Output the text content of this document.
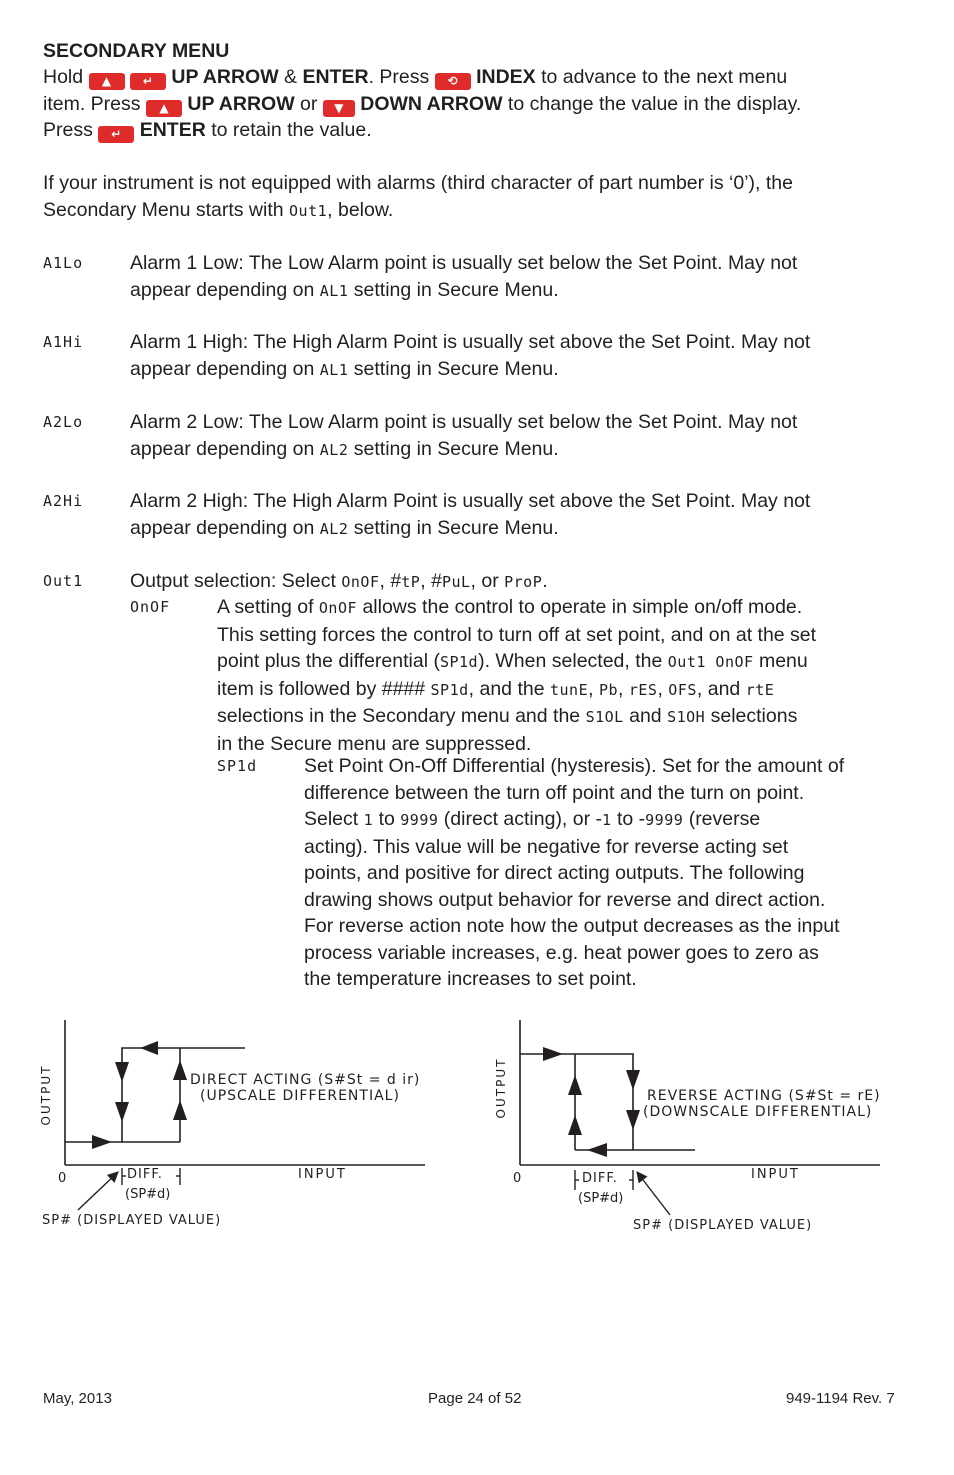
SECONDARY MENU
Hold ▲	↵ UP ARROW & ENTER. Press ⟲ INDEX to advance to the next menu
item. Press ▲ UP ARROW or ▼ DOWN ARROW to change the value in the display.
Press ↵ ENTER to retain the value.
If your instrument is not equipped with alarms (third character of part number is ‘0’), the
Secondary Menu starts with Out1, below.
A1Lo Alarm 1 Low: The Low Alarm point is usually set below the Set Point. May not
appear depending on AL1 setting in Secure Menu.
A1Hi Alarm 1 High: The High Alarm Point is usually set above the Set Point. May not
appear depending on AL1 setting in Secure Menu.
A2Lo Alarm 2 Low: The Low Alarm point is usually set below the Set Point. May not
appear depending on AL2 setting in Secure Menu.
A2Hi Alarm 2 High: The High Alarm Point is usually set above the Set Point. May not
appear depending on AL2 setting in Secure Menu.
Out1 Output selection: Select OnOF, #tP, #PuL, or ProP.
OnOF A setting of OnOF allows the control to operate in simple on/off mode.
This setting forces the control to turn off at set point, and on at the set
point plus the differential (SP1d). When selected, the Out1 OnOF menu
item is followed by #### SP1d, and the tunE, Pb, rES, OFS, and rtE
selections in the Secondary menu and the S1OL and S1OH selections
in the Secure menu are suppressed.
SP1d Set Point On-Off Differential (hysteresis). Set for the amount of
difference between the turn off point and the turn on point.
Select 1 to 9999 (direct acting), or -1 to -9999 (reverse
acting). This value will be negative for reverse acting set
points, and positive for direct acting outputs. The following
drawing shows output behavior for reverse and direct action.
For reverse action note how the output decreases as the input
process variable increases, e.g. heat power goes to zero as
the temperature increases to set point.
OUTPUT	DIRECT ACTING (S#St = d ir)
(UPSCALE DIFFERENTIAL)
0	DIFF.
(SP#d)
INPUT
SP# (DISPLAYED VALUE)
OUTPUT	REVERSE ACTING (S#St = rE)
(DOWNSCALE DIFFERENTIAL)
0	DIFF.
(SP#d)
INPUT
SP# (DISPLAYED VALUE)
May, 2013	Page 24 of 52	949-1194 Rev. 7
